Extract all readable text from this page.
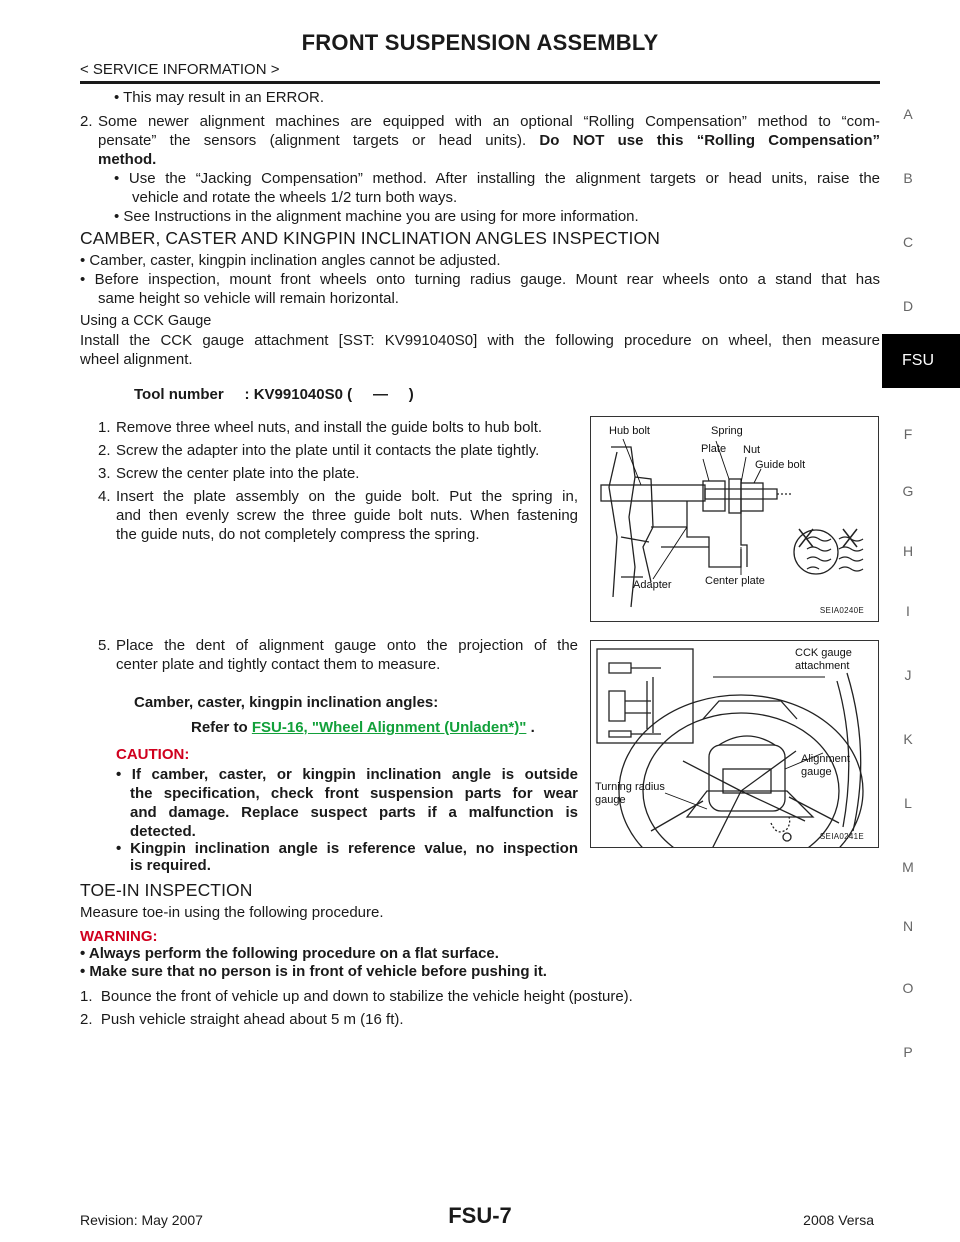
FRONT SUSPENSION ASSEMBLY
< SERVICE INFORMATION >
A
B
C
D
FSU
F
G
H
I
J
K
L
M
N
O
P
• This may result in an ERROR.
2. Some newer alignment machines are equipped with an optional “Rolling Compensation” method to “com-
pensate” the sensors (alignment targets or head units). Do NOT use this “Rolling Compensation”
method.
• Use the “Jacking Compensation” method. After installing the alignment targets or head units, raise the
vehicle and rotate the wheels 1/2 turn both ways.
• See Instructions in the alignment machine you are using for more information.
CAMBER, CASTER AND KINGPIN INCLINATION ANGLES INSPECTION
• Camber, caster, kingpin inclination angles cannot be adjusted.
• Before inspection, mount front wheels onto turning radius gauge. Mount rear wheels onto a stand that has
same height so vehicle will remain horizontal.
Using a CCK Gauge
Install the CCK gauge attachment [SST: KV991040S0] with the following procedure on wheel, then measure
wheel alignment.
Tool number     : KV991040S0 (     —     )
1. Remove three wheel nuts, and install the guide bolts to hub bolt.
2. Screw the adapter into the plate until it contacts the plate tightly.
3. Screw the center plate into the plate.
4. Insert the plate assembly on the guide bolt. Put the spring in,
and then evenly screw the three guide bolt nuts. When fastening
the guide nuts, do not completely compress the spring.
Hub bolt	Spring
Plate Nut
Guide bolt
Adapter	Center plate
SEIA0240E
5. Place the dent of alignment gauge onto the projection of the
center plate and tightly contact them to measure.
Camber, caster, kingpin inclination angles:
Refer to FSU-16, "Wheel Alignment (Unladen*)" .
CAUTION:
• If camber, caster, or kingpin inclination angle is outside
the specification, check front suspension parts for wear
and damage. Replace suspect parts if a malfunction is
detected.
• Kingpin inclination angle is reference value, no inspection
is required.
CCK gauge
attachment
Alignment
gauge
Turning radius
gauge
SEIA0241E
TOE-IN INSPECTION
Measure toe-in using the following procedure.
WARNING:
• Always perform the following procedure on a flat surface.
• Make sure that no person is in front of vehicle before pushing it.
1.  Bounce the front of vehicle up and down to stabilize the vehicle height (posture).
2.  Push vehicle straight ahead about 5 m (16 ft).
Revision: May 2007	FSU-7	2008 Versa
